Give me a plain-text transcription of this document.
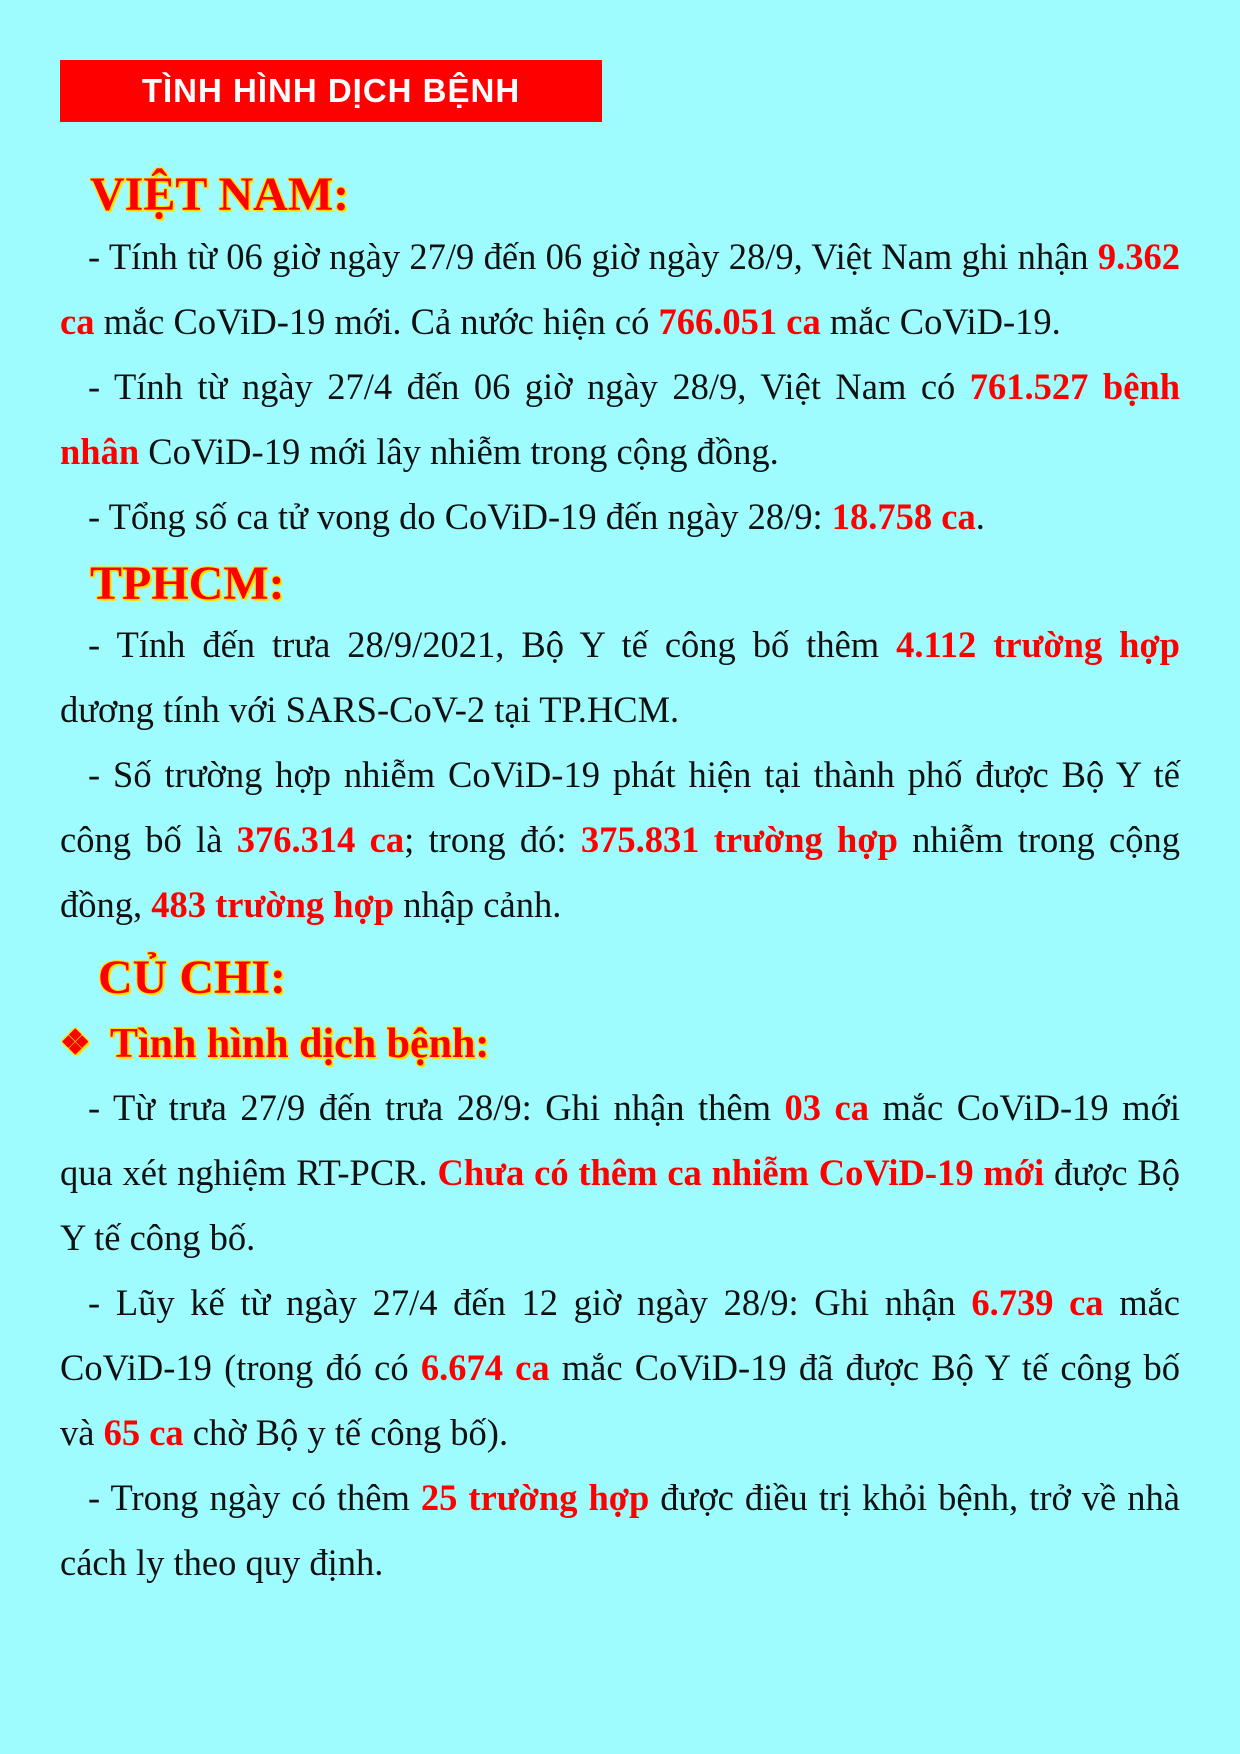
TÌNH HÌNH DỊCH BỆNH
VIỆT NAM:

- Tính từ 06 giờ ngày 27/9 đến 06 giờ ngày 28/9, Việt Nam ghi nhận 9.362 ca mắc CoViD-19 mới. Cả nước hiện có 766.051 ca mắc CoViD-19.

- Tính từ ngày 27/4 đến 06 giờ ngày 28/9, Việt Nam có 761.527 bệnh nhân CoViD-19 mới lây nhiễm trong cộng đồng.

- Tổng số ca tử vong do CoViD-19 đến ngày 28/9: 18.758 ca.

TPHCM:

- Tính đến trưa 28/9/2021, Bộ Y tế công bố thêm 4.112 trường hợp dương tính với SARS-CoV-2 tại TP.HCM.

- Số trường hợp nhiễm CoViD-19 phát hiện tại thành phố được Bộ Y tế công bố là 376.314 ca; trong đó: 375.831 trường hợp nhiễm trong cộng đồng, 483 trường hợp nhập cảnh.

CỦ CHI:
❖ Tình hình dịch bệnh:

- Từ trưa 27/9 đến trưa 28/9: Ghi nhận thêm 03 ca mắc CoViD-19 mới qua xét nghiệm RT-PCR. Chưa có thêm ca nhiễm CoViD-19 mới được Bộ Y tế công bố.

- Lũy kế từ ngày 27/4 đến 12 giờ ngày 28/9: Ghi nhận 6.739 ca mắc CoViD-19 (trong đó có 6.674 ca mắc CoViD-19 đã được Bộ Y tế công bố và 65 ca chờ Bộ y tế công bố).

- Trong ngày có thêm 25 trường hợp được điều trị khỏi bệnh, trở về nhà cách ly theo quy định.
